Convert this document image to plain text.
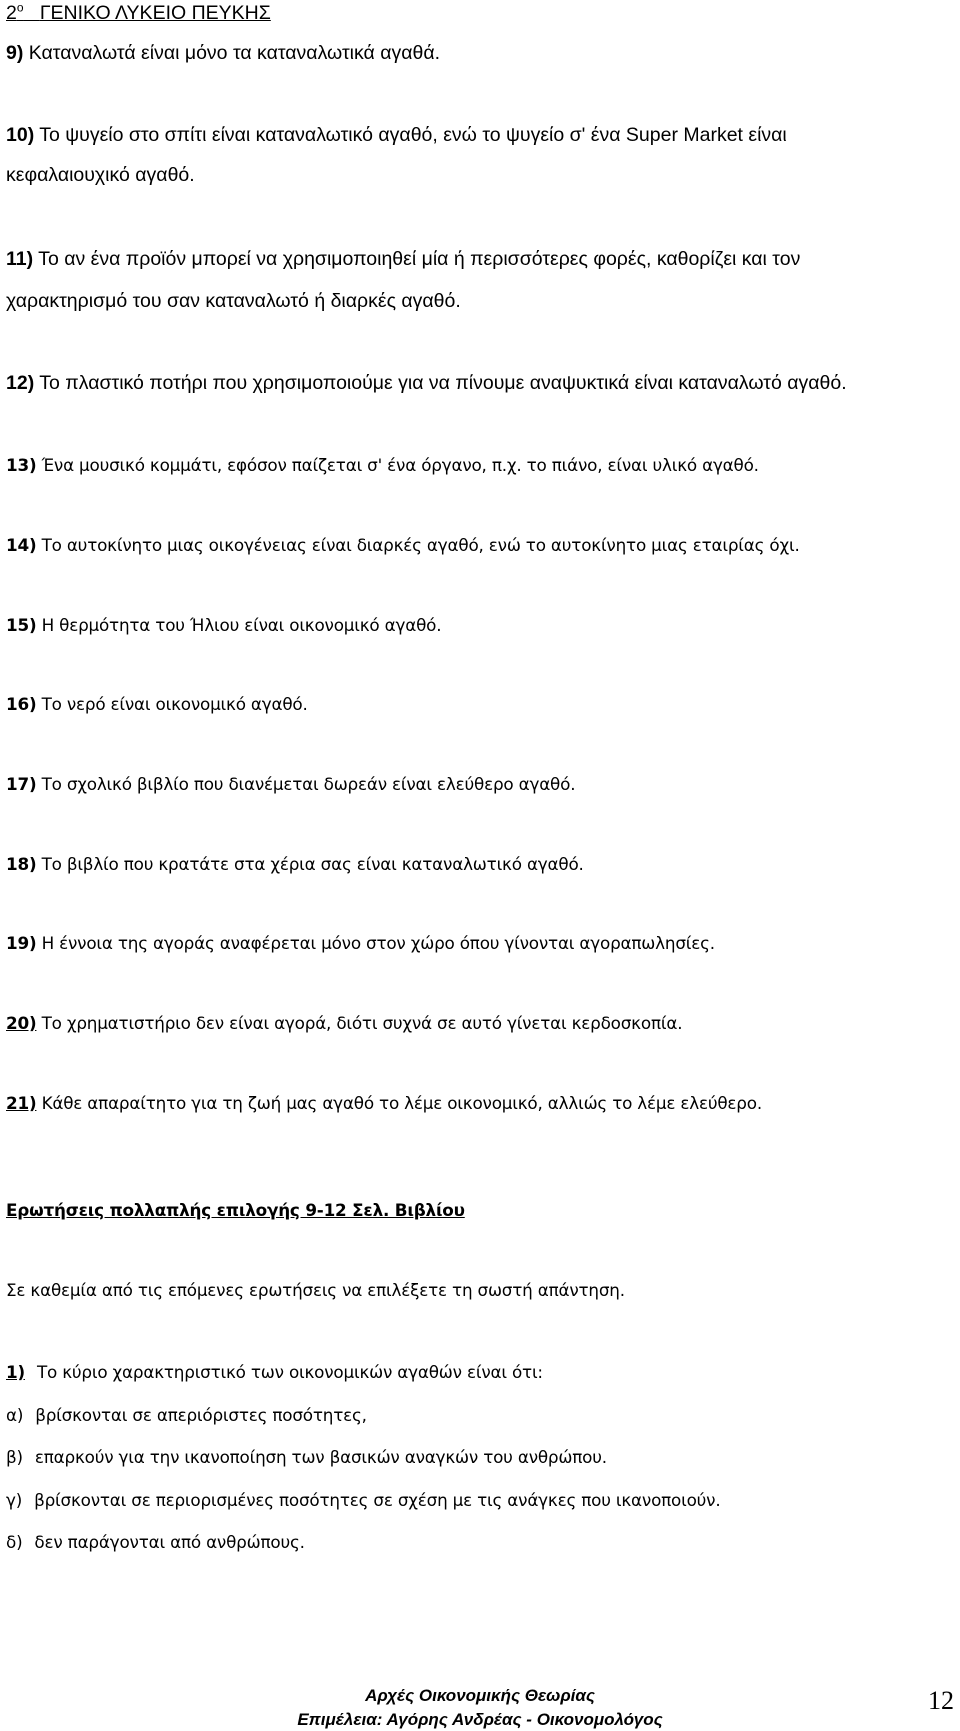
$2^o$ ΓΕΝΙΚΟ ΛΥΚΕΙΟ ΠΕΥΚΗΣ
9) Καταναλωτά είναι μόνο τα καταναλωτικά αγαθά.
10) Το ψυγείο στο σπίτι είναι καταναλωτικό αγαθό, ενώ το ψυγείο σ' ένα Super Market είναι
κεφαλαιουχικό αγαθό.
11) Το αν ένα προϊόν μπορεί να χρησιμοποιηθεί μία ή περισσότερες φορές, καθορίζει και τον
χαρακτηρισμό του σαν καταναλωτό ή διαρκές αγαθό.
12) Το πλαστικό ποτήρι που χρησιμοποιούμε για να πίνουμε αναψυκτικά είναι καταναλωτό αγαθό.
13) Ένα μουσικό κομμάτι, εφόσον παίζεται σ' ένα όργανο, π.χ. το πιάνο, είναι υλικό αγαθό.
14) Το αυτοκίνητο μιας οικογένειας είναι διαρκές αγαθό, ενώ το αυτοκίνητο μιας εταιρίας όχι.
15) Η θερμότητα του Ήλιου είναι οικονομικό αγαθό.
16) Το νερό είναι οικονομικό αγαθό.
17) Το σχολικό βιβλίο που διανέμεται δωρεάν είναι ελεύθερο αγαθό.
18) Το βιβλίο που κρατάτε στα χέρια σας είναι καταναλωτικό αγαθό.
19) Η έννοια της αγοράς αναφέρεται μόνο στον χώρο όπου γίνονται αγοραπωλησίες.
20) Το χρηματιστήριο δεν είναι αγορά, διότι συχνά σε αυτό γίνεται κερδοσκοπία.
21) Κάθε απαραίτητο για τη ζωή μας αγαθό το λέμε οικονομικό, αλλιώς το λέμε ελεύθερο.
Ερωτήσεις πολλαπλής επιλογής 9-12 Σελ. Βιβλίου
Σε καθεμία από τις επόμενες ερωτήσεις να επιλέξετε τη σωστή απάντηση.
1) Το κύριο χαρακτηριστικό των οικονομικών αγαθών είναι ότι:
α) βρίσκονται σε απεριόριστες ποσότητες,
β) επαρκούν για την ικανοποίηση των βασικών αναγκών του ανθρώπου.
γ) βρίσκονται σε περιορισμένες ποσότητες σε σχέση με τις ανάγκες που ικανοποιούν.
δ) δεν παράγονται από ανθρώπους.
Αρχές Οικονομικής Θεωρίας
Επιμέλεια: Αγόρης Ανδρέας - Οικονομολόγος
12
